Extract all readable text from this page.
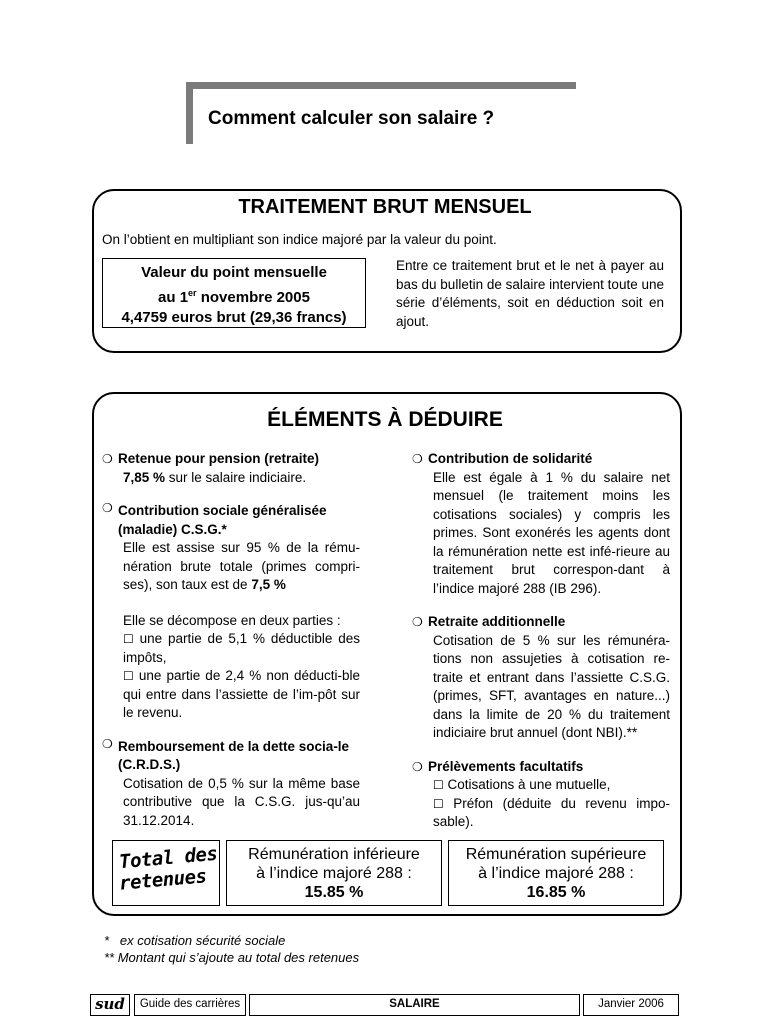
Comment calculer son salaire ?
TRAITEMENT BRUT MENSUEL
On l’obtient en multipliant son indice majoré par la valeur du point.
Valeur du point mensuelle
au 1er novembre 2005
4,4759 euros brut (29,36 francs)
Entre ce traitement brut et le net à payer au bas du bulletin de salaire intervient toute une série d’éléments, soit en déduction soit en ajout.
ÉLÉMENTS À DÉDUIRE
❍ Retenue pour pension (retraite)
7,85 % sur le salaire indiciaire.
❍ Contribution sociale généralisée (maladie) C.S.G.*
Elle est assise sur 95 % de la rému-nération brute totale (primes compri-ses), son taux est de 7,5 %
Elle se décompose en deux parties :
☐ une partie de 5,1 % déductible des impôts,
☐ une partie de 2,4 % non déducti-ble qui entre dans l’assiette de l’im-pôt sur le revenu.
❍ Remboursement de la dette socia-le (C.R.D.S.)
Cotisation de 0,5 % sur la même base contributive que la C.S.G. jus-qu’au 31.12.2014.
❍ Contribution de solidarité
Elle est égale à 1 % du salaire net mensuel (le traitement moins les cotisations sociales) y compris les primes. Sont exonérés les agents dont la rémunération nette est infé-rieure au traitement brut correspon-dant à l’indice majoré 288 (IB 296).
❍ Retraite additionnelle
Cotisation de 5 % sur les rémunéra-tions non assujeties à cotisation re-traite et entrant dans l’assiette C.S.G. (primes, SFT, avantages en nature...) dans la limite de 20 % du traitement indiciaire brut annuel (dont NBI).**
❍ Prélèvements facultatifs
☐ Cotisations à une mutuelle,
☐ Préfon (déduite du revenu impo-sable).
Total des
retenues
Rémunération inférieure
à l’indice majoré 288 :
15.85 %
Rémunération supérieure
à l’indice majoré 288 :
16.85 %
*   ex cotisation sécurité sociale
** Montant qui s’ajoute au total des retenues
sud	Guide des carrières	SALAIRE	Janvier 2006
